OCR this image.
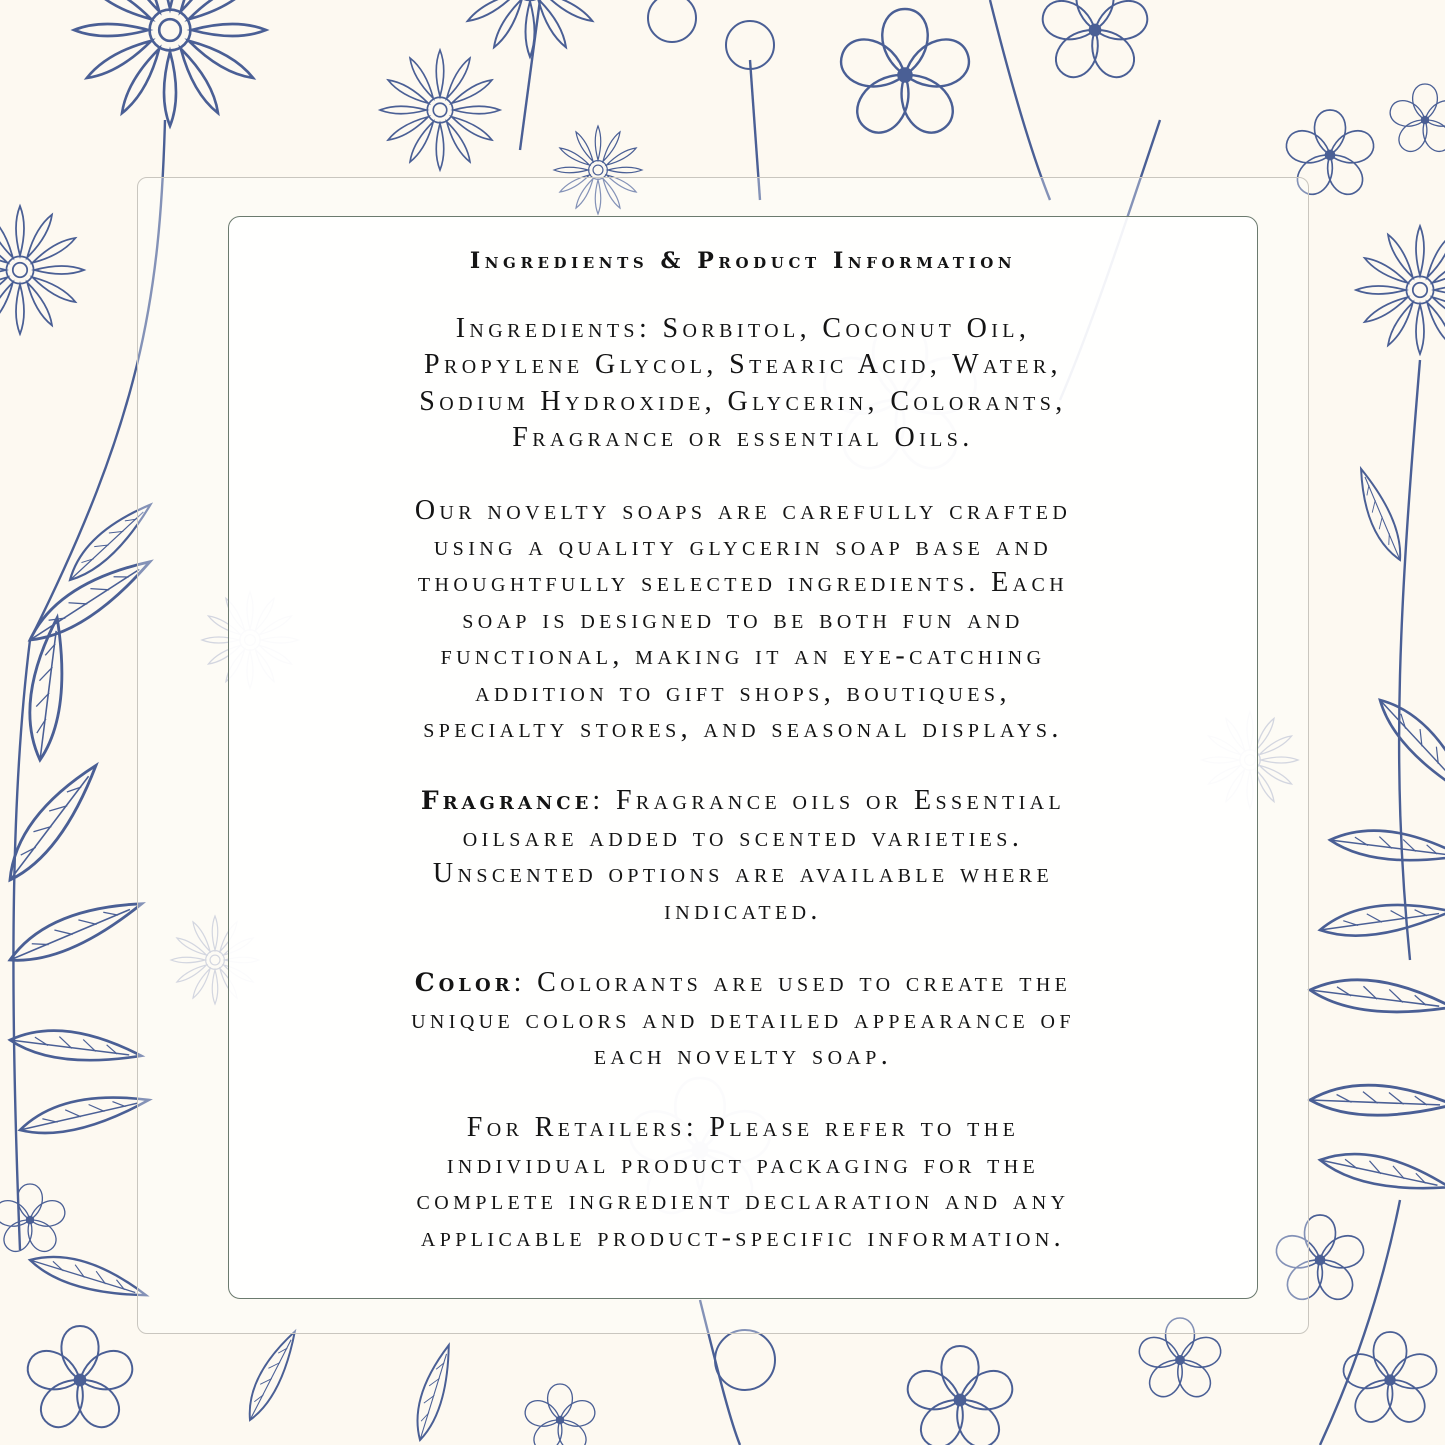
Ingredients & Product Information

Ingredients: Sorbitol, Coconut Oil,
Propylene Glycol, Stearic Acid, Water,
Sodium Hydroxide, Glycerin, Colorants,
Fragrance or essential Oils.

Our novelty soaps are carefully crafted
using a quality glycerin soap base and
thoughtfully selected ingredients. Each
soap is designed to be both fun and
functional, making it an eye-catching
addition to gift shops, boutiques,
specialty stores, and seasonal displays.

Fragrance: Fragrance oils or Essential
oilsare added to scented varieties.
Unscented options are available where
indicated.

Color: Colorants are used to create the
unique colors and detailed appearance of
each novelty soap.

For Retailers: Please refer to the
individual product packaging for the
complete ingredient declaration and any
applicable product-specific information.
